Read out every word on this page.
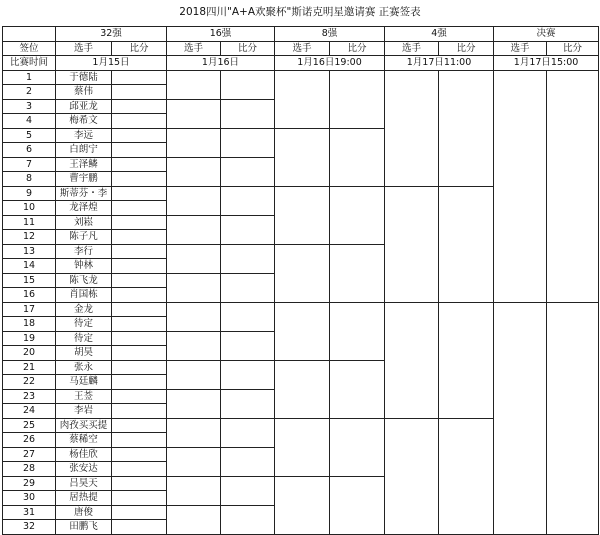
2018四川"A+A欢聚杯"斯诺克明星邀请赛 正赛签表
	32强		16强		8强		4强		决赛	
签位	选手	比分	选手	比分	选手	比分	选手	比分	选手	比分
比赛时间	1月15日		1月16日		1月16日19:00		1月17日11:00		1月17日15:00	
1	于德陆									
2	蔡伟									
3	邱亚龙									
4	梅希文									
5	李远									
6	白朗宁									
7	王泽鳞									
8	曹宇鹏									
9	斯蒂芬・李									
10	龙泽煌									
11	刘崧									
12	陈子凡									
13	李行									
14	钟林									
15	陈飞龙									
16	肖国栋									
17	金龙									
18	待定									
19	待定									
20	胡昊									
21	张永									
22	马廷麟									
23	王莶									
24	李岩									
25	肉孜买买提									
26	蔡稀空									
27	杨佳欣									
28	张安达									
29	吕昊天									
30	居热提									
31	唐俊									
32	田鹏飞									
